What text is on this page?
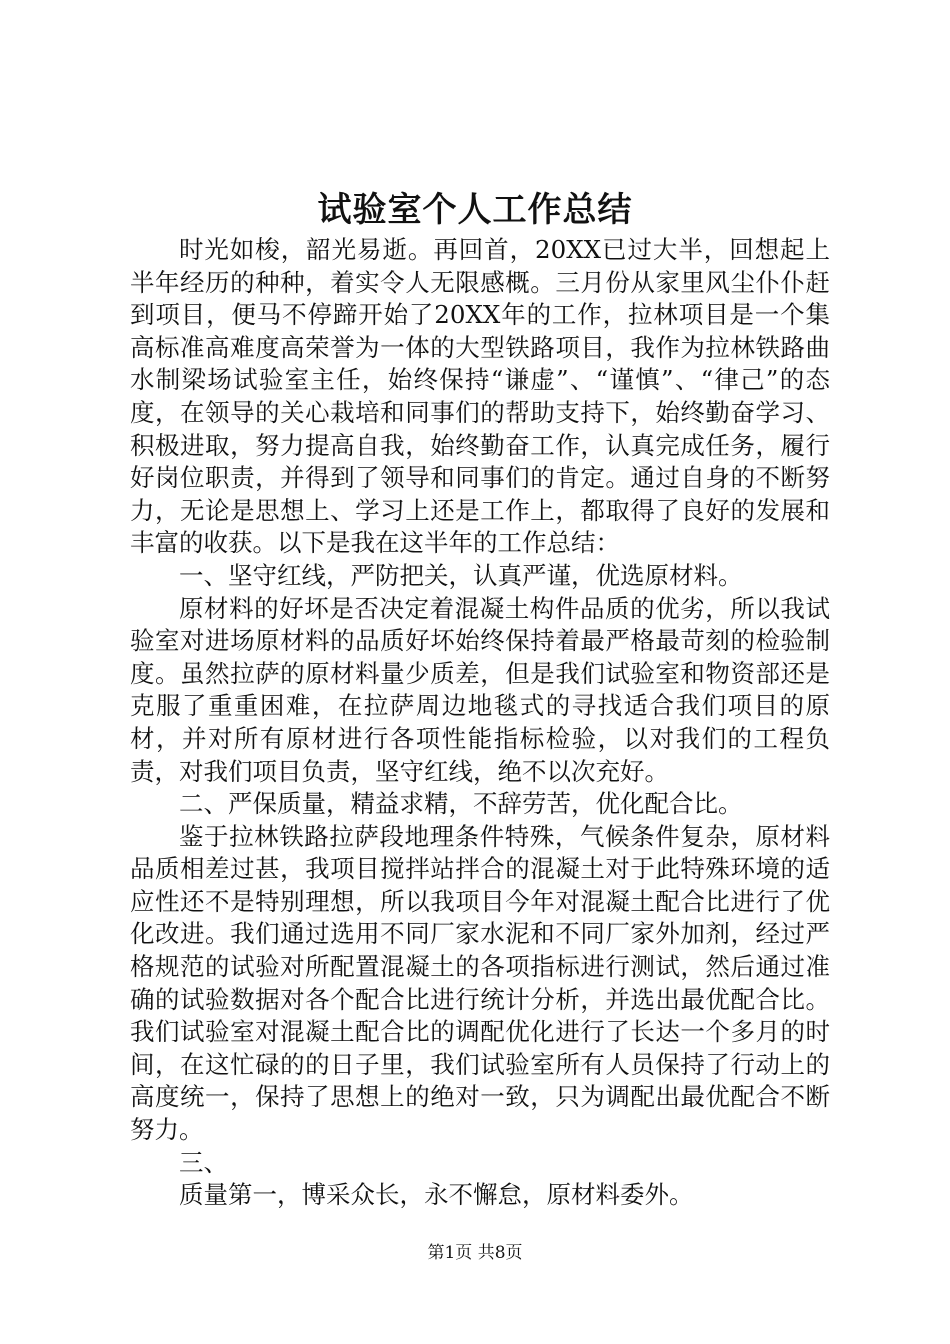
试验室个人工作总结

时光如梭，韶光易逝。再回首，20XX已过大半，回想起上半年经历的种种，着实令人无限感概。三月份从家里风尘仆仆赶到项目，便马不停蹄开始了20XX年的工作，拉林项目是一个集高标准高难度高荣誉为一体的大型铁路项目，我作为拉林铁路曲水制梁场试验室主任，始终保持“谦虚”、“谨慎”、“律己”的态度，在领导的关心栽培和同事们的帮助支持下，始终勤奋学习、积极进取，努力提高自我，始终勤奋工作，认真完成任务，履行好岗位职责，并得到了领导和同事们的肯定。通过自身的不断努力，无论是思想上、学习上还是工作上，都取得了良好的发展和丰富的收获。以下是我在这半年的工作总结：

一、坚守红线，严防把关，认真严谨，优选原材料。

原材料的好坏是否决定着混凝土构件品质的优劣，所以我试验室对进场原材料的品质好坏始终保持着最严格最苛刻的检验制度。虽然拉萨的原材料量少质差，但是我们试验室和物资部还是克服了重重困难，在拉萨周边地毯式的寻找适合我们项目的原材，并对所有原材进行各项性能指标检验，以对我们的工程负责，对我们项目负责，坚守红线，绝不以次充好。

二、严保质量，精益求精，不辞劳苦，优化配合比。

鉴于拉林铁路拉萨段地理条件特殊，气候条件复杂，原材料品质相差过甚，我项目搅拌站拌合的混凝土对于此特殊环境的适应性还不是特别理想，所以我项目今年对混凝土配合比进行了优化改进。我们通过选用不同厂家水泥和不同厂家外加剂，经过严格规范的试验对所配置混凝土的各项指标进行测试，然后通过准确的试验数据对各个配合比进行统计分析，并选出最优配合比。我们试验室对混凝土配合比的调配优化进行了长达一个多月的时间，在这忙碌的的日子里，我们试验室所有人员保持了行动上的高度统一，保持了思想上的绝对一致，只为调配出最优配合不断努力。

三、

质量第一，博采众长，永不懈怠，原材料委外。

第1页 共8页
